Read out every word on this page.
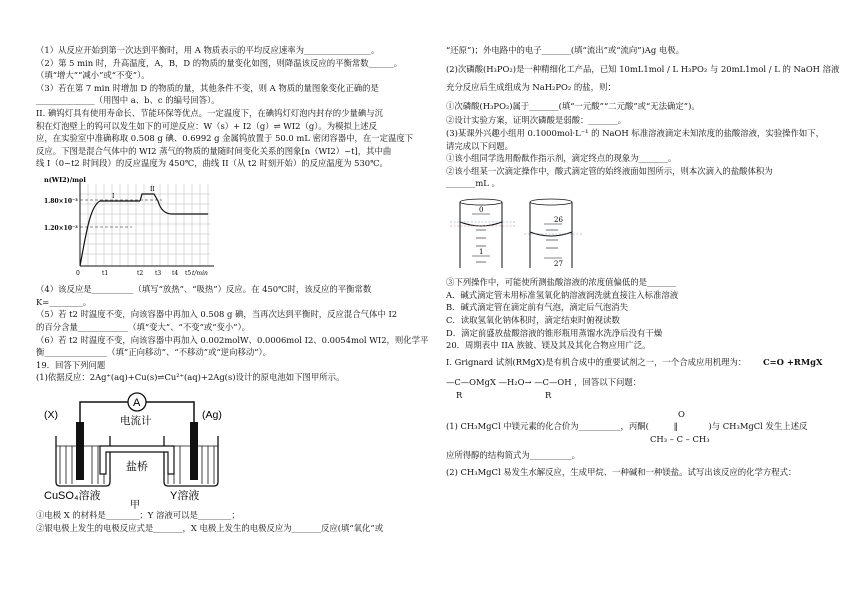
（1）从反应开始到第一次达到平衡时，用 A 物质表示的平均反应速率为________________。
（2）第 5 min 时，升高温度，A，B，D 的物质的量变化如图，则降温该反应的平衡常数______。
（填“增大”“减小”或“不变”）。
（3）若在第 7 min 时增加 D 的物质的量，其他条件不变，则 A 物质的量图象变化正确的是
______________（用图中 a、b、c 的编号回答）。
II. 碘钨灯具有使用寿命长、节能环保等优点。一定温度下，在碘钨灯灯泡内封存的少量碘与沉
积在灯泡壁上的钨可以发生如下的可逆反应：W（s）+ I2（g）⇌ WI2（g）。为模拟上述反
应，在实验室中准确称取 0.508 g 碘、0.6992 g 金属钨放置于 50.0 mL 密闭容器中，在一定温度下
反应。下图是混合气体中的 WI2 蒸气的物质的量随时间变化关系的图象[n（WI2）~t]，其中曲
线 I（0~t2 时间段）的反应温度为 450℃，曲线 II（从 t2 时刻开始）的反应温度为 530℃。
n(WI2)/mol
1.80×10⁻³
1.20×10⁻³
t/min
0	t1	t2 t3 t4 t5
I
II
（4）该反应是__________（填写“放热”、“吸热”）反应。在 450℃时，该反应的平衡常数
K=________。
（5）若 t2 时温度不变，向该容器中再加入 0.508 g 碘，当再次达到平衡时，反应混合气体中 I2
的百分含量____________（填“变大”、“不变”或“变小”）。
（6）若 t2 时温度不变，向该容器中再加入 0.002molW、0.0006mol I2、0.0054mol WI2，则化学平
衡_______________（填“正向移动”、“不移动”或“逆向移动”）。
19．回答下列问题
(1)依据反应：2Ag⁺(aq)+Cu(s)⇌Cu²⁺(aq)+2Ag(s)设计的原电池如下图甲所示。
A
电流计
盐桥
(X)	(Ag)
CuSO₄溶液	Y溶液
甲
①电极 X 的材料是________；Y 溶液可以是________；
②银电极上发生的电极反应式是_______，X 电极上发生的电极反应为_______反应(填“氧化”或
“还原”)；外电路中的电子_______(填“流出”或“流向”)Ag 电极。
(2)次磷酸(H₃PO₂)是一种精细化工产品，已知 10mL1mol / L H₃PO₂ 与 20mL1mol / L 的 NaOH 溶液
充分反应后生成组成为 NaH₂PO₂ 的盐，则：
①次磷酸(H₃PO₂)属于_______(填“一元酸”“二元酸”或“无法确定”)。
②设计实验方案，证明次磷酸是弱酸：_______。
(3)某课外兴趣小组用 0.1000mol·L⁻¹ 的 NaOH 标准溶液滴定未知浓度的盐酸溶液，实验操作如下，
请完成以下问题。
①该小组同学选用酚酞作指示剂，滴定终点的现象为_______。
②该小组某一次滴定操作中，酸式滴定管的始终液面如图所示，则本次滴入的盐酸体积为
_______mL 。
0
1
26
27
③下列操作中，可能使所测盐酸溶液的浓度值偏低的是_______
A．碱式滴定管未用标准氢氧化钠溶液润洗就直接注入标准溶液
B．碱式滴定管在滴定前有气泡，滴定后气泡消失
C．读取氢氧化钠体积时，滴定结束时俯视读数
D．滴定前盛放盐酸溶液的锥形瓶用蒸馏水洗净后没有干燥
20．周期表中 IIA 族铍、镁及其及其化合物应用广泛。
I. Grignard 试剂(RMgX)是有机合成中的重要试剂之一，一个合成应用机理为： C=O +RMgX
—C—OMgX —H₂O→ —C—OH ，回答以下问题：
R	R
O
(1) CH₃MgCl 中镁元素的化合价为__________，丙酮(	‖	)与 CH₃MgCl 发生上述反
CH₃ – C – CH₃
应所得醇的结构简式为__________。
(2) CH₃MgCl 易发生水解反应，生成甲烷、一种碱和一种镁盐。试写出该反应的化学方程式：
